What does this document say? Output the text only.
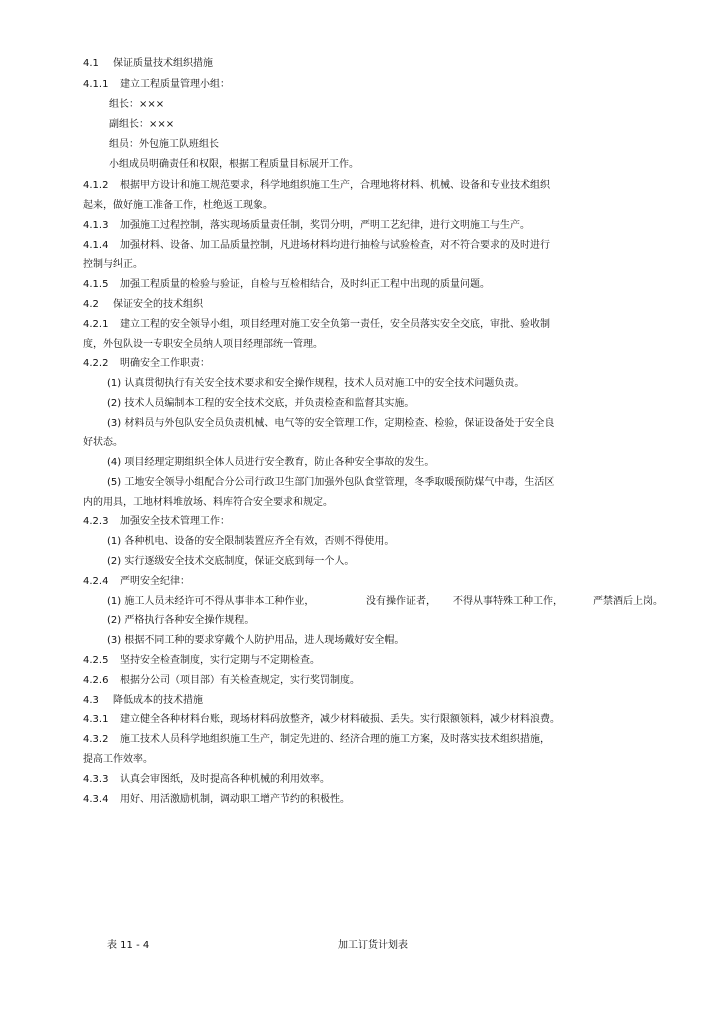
4.1 保证质量技术组织措施
4.1.1 建立工程质量管理小组：
组长：×××
副组长：×××
组员：外包施工队班组长
小组成员明确责任和权限，根据工程质量目标展开工作。
4.1.2 根据甲方设计和施工规范要求，科学地组织施工生产，合理地将材料、机械、设备和专业技术组织
起来，做好施工准备工作，杜绝返工现象。
4.1.3 加强施工过程控制，落实现场质量责任制，奖罚分明，严明工艺纪律，进行文明施工与生产。
4.1.4 加强材料、设备、加工品质量控制，凡进场材料均进行抽检与试验检查，对不符合要求的及时进行
控制与纠正。
4.1.5 加强工程质量的检验与验证，自检与互检相结合，及时纠正工程中出现的质量问题。
4.2 保证安全的技术组织
4.2.1 建立工程的安全领导小组，项目经理对施工安全负第一责任，安全员落实安全交底，审批、验收制
度，外包队设一专职安全员纳人项目经理部统一管理。
4.2.2 明确安全工作职责：
(1) 认真贯彻执行有关安全技术要求和安全操作规程，技术人员对施工中的安全技术问题负责。
(2) 技术人员编制本工程的安全技术交底，并负责检查和监督其实施。
(3) 材料员与外包队安全员负责机械、电气等的安全管理工作，定期检查、检验，保证设备处于安全良
好状态。
(4) 项目经理定期组织全体人员进行安全教育，防止各种安全事故的发生。
(5) 工地安全领导小组配合分公司行政卫生部门加强外包队食堂管理，冬季取暖预防煤气中毒，生活区
内的用具，工地材料堆放场、料库符合安全要求和规定。
4.2.3 加强安全技术管理工作：
(1) 各种机电、设备的安全限制装置应齐全有效，否则不得使用。
(2) 实行逐级安全技术交底制度，保证交底到每一个人。
4.2.4 严明安全纪律：
(1) 施工人员未经许可不得从事非本工种作业，	没有操作证者， 不得从事特殊工种工作，	严禁酒后上岗。
(2) 严格执行各种安全操作规程。
(3) 根据不同工种的要求穿戴个人防护用品，进人现场戴好安全帽。
4.2.5 坚持安全检查制度，实行定期与不定期检查。
4.2.6 根据分公司（项目部）有关检查规定，实行奖罚制度。
4.3 降低成本的技术措施
4.3.1 建立健全各种材料台账，现场材料码放整齐，减少材料破损、丢失。实行限额领料，减少材料浪费。
4.3.2 施工技术人员科学地组织施工生产，制定先进的、经济合理的施工方案，及时落实技术组织措施，
提高工作效率。
4.3.3 认真会审图纸，及时提高各种机械的利用效率。
4.3.4 用好、用活激励机制，调动职工增产节约的积极性。
表 11 - 4	加工订货计划表
